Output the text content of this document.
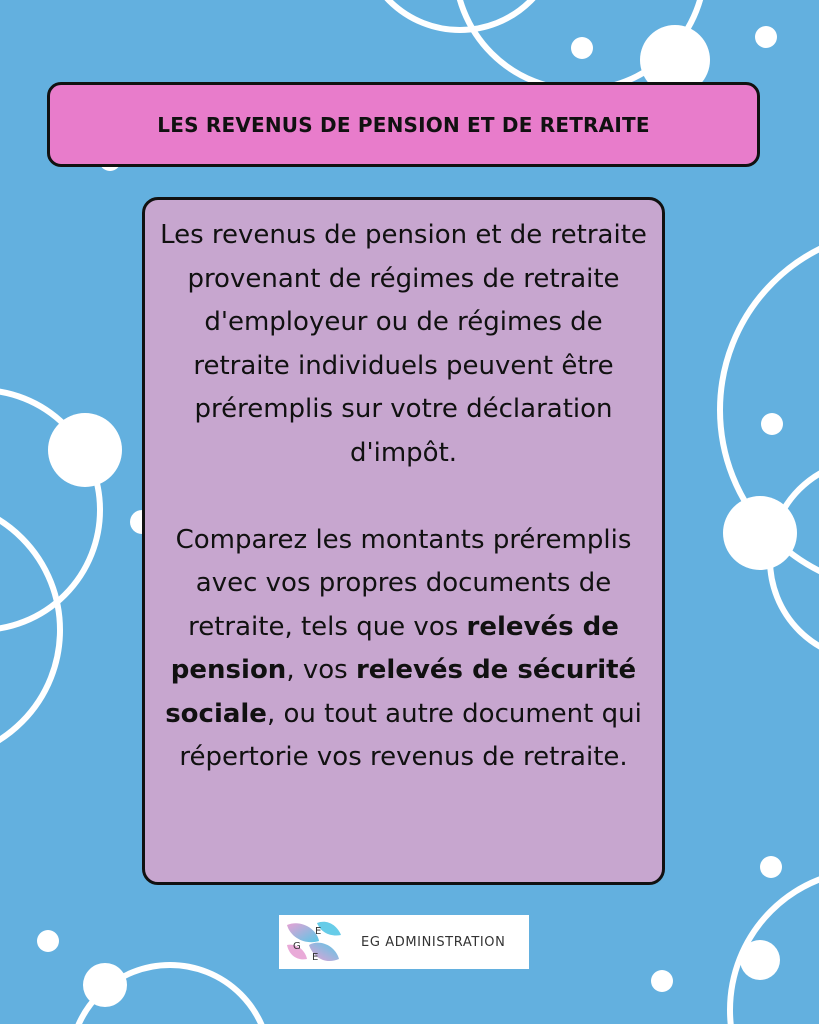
LES REVENUS DE PENSION ET DE RETRAITE

Les revenus de pension et de retraite provenant de régimes de retraite d'employeur ou de régimes de retraite individuels peuvent être préremplis sur votre déclaration d'impôt.

Comparez les montants préremplis avec vos propres documents de retraite, tels que vos relevés de pension, vos relevés de sécurité sociale, ou tout autre document qui répertorie vos revenus de retraite.

E
G
E
EG ADMINISTRATION
